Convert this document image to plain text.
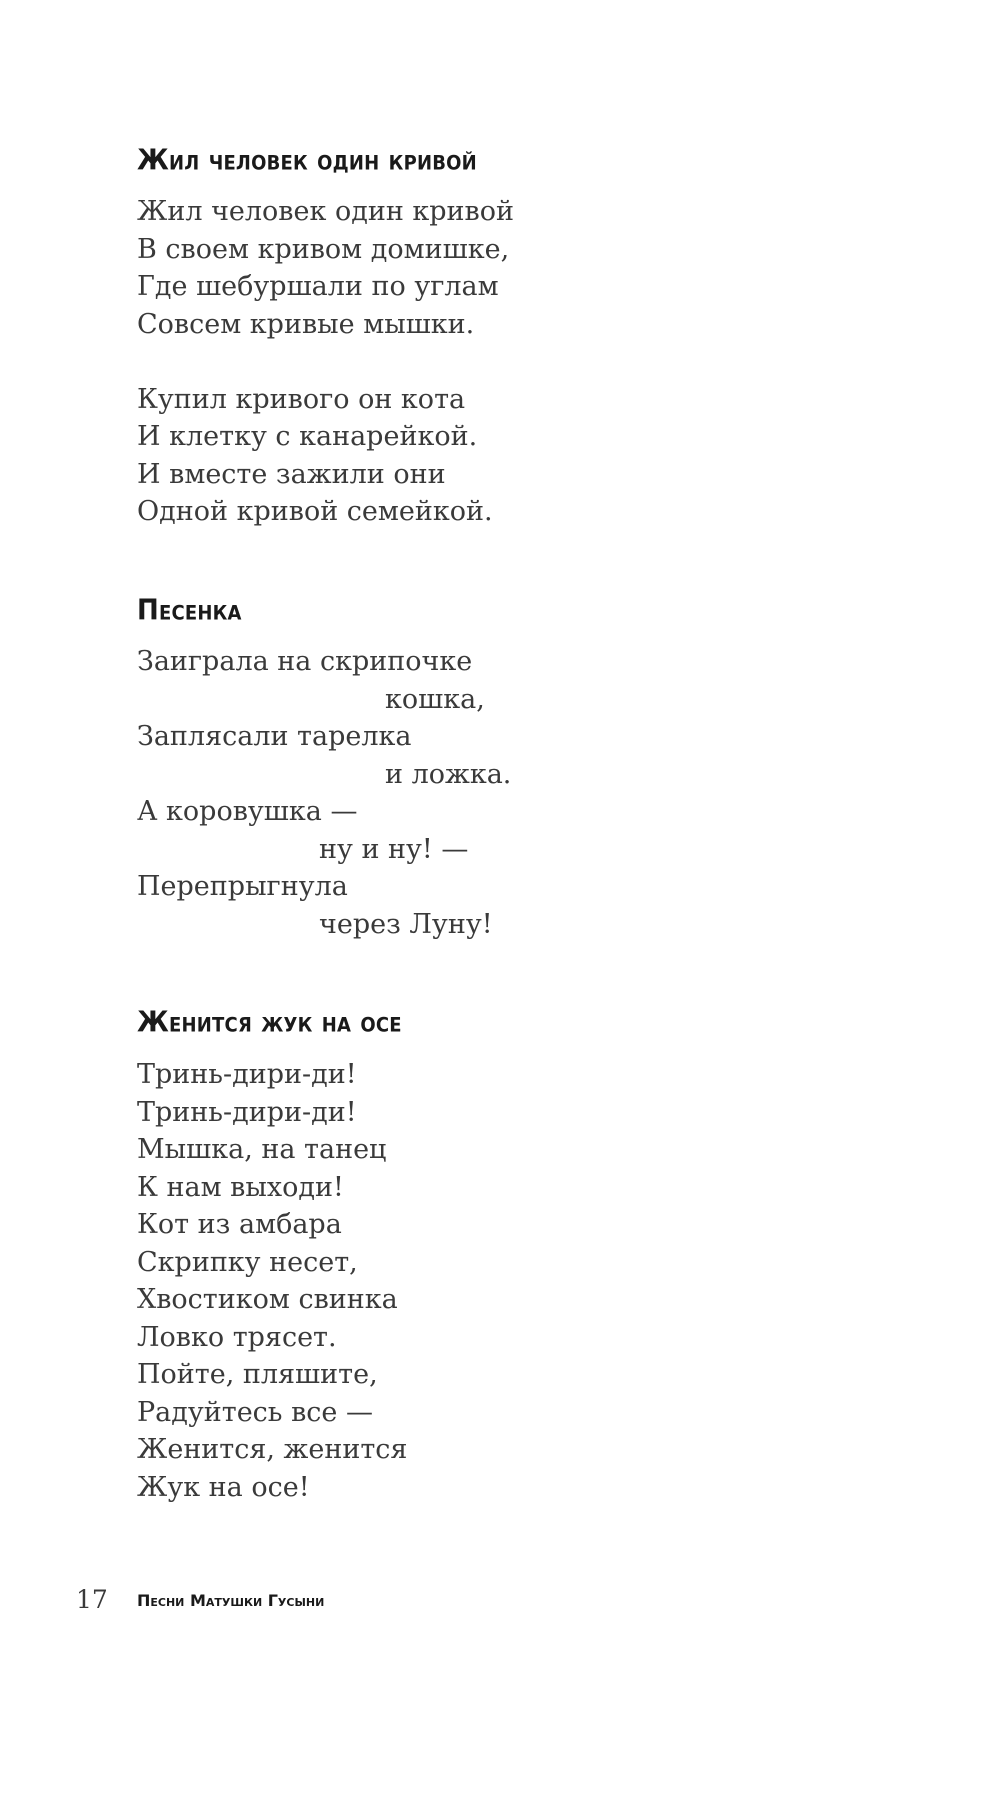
Жил человек один кривой
Жил человек один кривой
В своем кривом домишке,
Где шебуршали по углам
Совсем кривые мышки.
Купил кривого он кота
И клетку с канарейкой.
И вместе зажили они
Одной кривой семейкой.
Песенка
Заиграла на скрипочке
кошка,
Заплясали тарелка
и ложка.
А коровушка —
ну и ну! —
Перепрыгнула
через Луну!
Женится жук на осе
Тринь-дири-ди!
Тринь-дири-ди!
Мышка, на танец
К нам выходи!
Кот из амбара
Скрипку несет,
Хвостиком свинка
Ловко трясет.
Пойте, пляшите,
Радуйтесь все —
Женится, женится
Жук на осе!
17 Песни Матушки Гусыни
